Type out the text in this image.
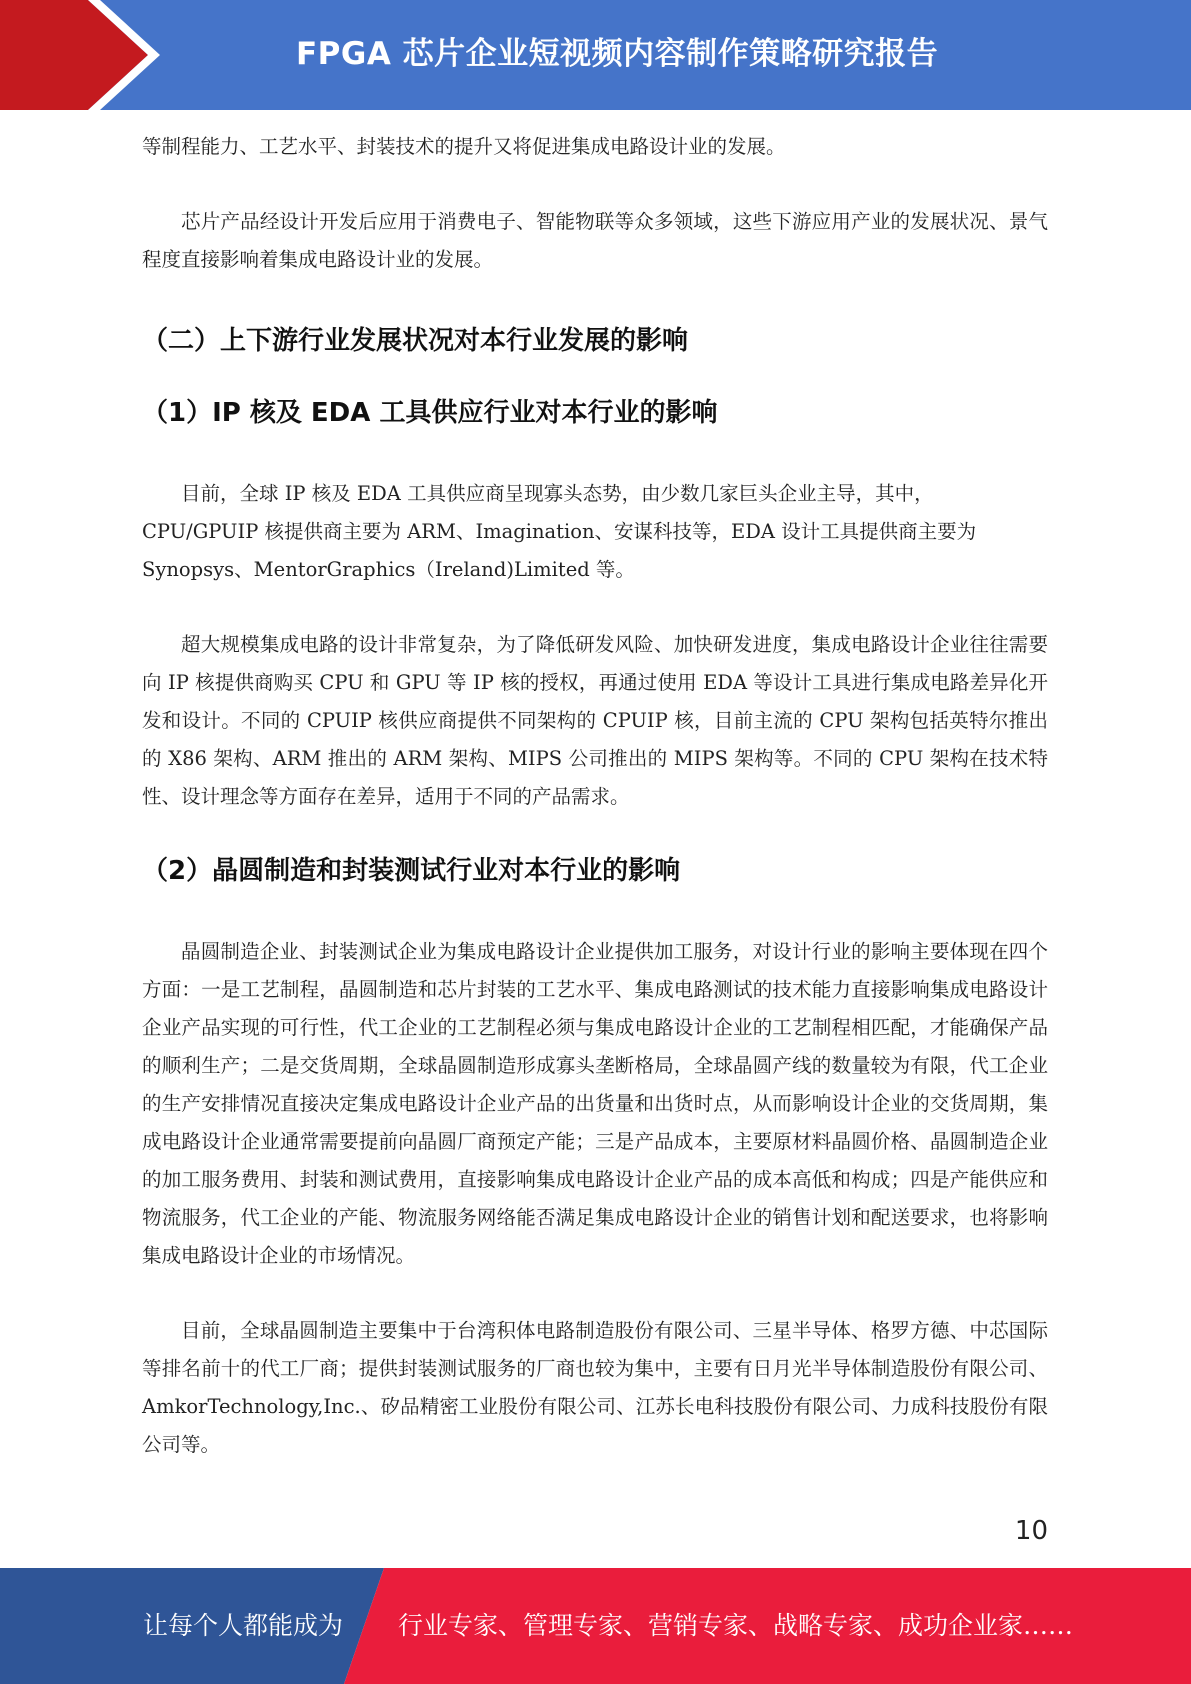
FPGA 芯片企业短视频内容制作策略研究报告

等制程能力、工艺水平、封装技术的提升又将促进集成电路设计业的发展。

芯片产品经设计开发后应用于消费电子、智能物联等众多领域，这些下游应用产业的发展状况、景气程度直接影响着集成电路设计业的发展。

（二）上下游行业发展状况对本行业发展的影响
（1）IP 核及 EDA 工具供应行业对本行业的影响

目前，全球 IP 核及 EDA 工具供应商呈现寡头态势，由少数几家巨头企业主导，其中，

CPU/GPUIP 核提供商主要为 ARM、Imagination、安谋科技等，EDA 设计工具提供商主要为

Synopsys、MentorGraphics（Ireland)Limited 等。

超大规模集成电路的设计非常复杂，为了降低研发风险、加快研发进度，集成电路设计企业往往需要向 IP 核提供商购买 CPU 和 GPU 等 IP 核的授权，再通过使用 EDA 等设计工具进行集成电路差异化开发和设计。不同的 CPUIP 核供应商提供不同架构的 CPUIP 核，目前主流的 CPU 架构包括英特尔推出的 X86 架构、ARM 推出的 ARM 架构、MIPS 公司推出的 MIPS 架构等。不同的 CPU 架构在技术特性、设计理念等方面存在差异，适用于不同的产品需求。

（2）晶圆制造和封装测试行业对本行业的影响

晶圆制造企业、封装测试企业为集成电路设计企业提供加工服务，对设计行业的影响主要体现在四个方面：一是工艺制程，晶圆制造和芯片封装的工艺水平、集成电路测试的技术能力直接影响集成电路设计企业产品实现的可行性，代工企业的工艺制程必须与集成电路设计企业的工艺制程相匹配，才能确保产品的顺利生产；二是交货周期，全球晶圆制造形成寡头垄断格局，全球晶圆产线的数量较为有限，代工企业的生产安排情况直接决定集成电路设计企业产品的出货量和出货时点，从而影响设计企业的交货周期，集成电路设计企业通常需要提前向晶圆厂商预定产能；三是产品成本，主要原材料晶圆价格、晶圆制造企业的加工服务费用、封装和测试费用，直接影响集成电路设计企业产品的成本高低和构成；四是产能供应和物流服务，代工企业的产能、物流服务网络能否满足集成电路设计企业的销售计划和配送要求，也将影响集成电路设计企业的市场情况。

目前，全球晶圆制造主要集中于台湾积体电路制造股份有限公司、三星半导体、格罗方德、中芯国际等排名前十的代工厂商；提供封装测试服务的厂商也较为集中，主要有日月光半导体制造股份有限公司、AmkorTechnology,Inc.、矽品精密工业股份有限公司、江苏长电科技股份有限公司、力成科技股份有限公司等。

10
让每个人都能成为 行业专家、管理专家、营销专家、战略专家、成功企业家……
